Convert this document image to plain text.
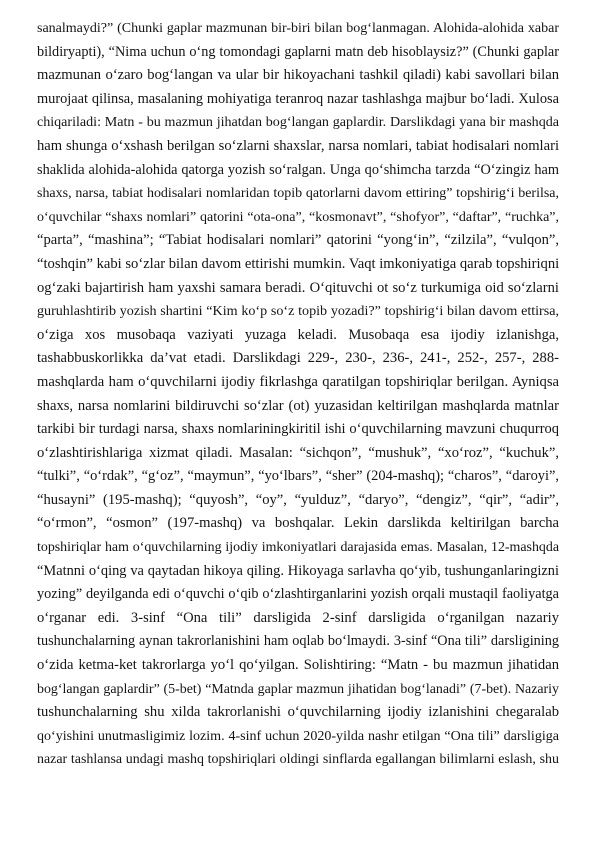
sanalmaydi?” (Chunki gaplar mazmunan bir-biri bilan bog‘lanmagan. Alohida-alohida xabar
bildiryapti), “Nima uchun o‘ng tomondagi gaplarni matn deb hisoblaysiz?” (Chunki gaplar
mazmunan o‘zaro bog‘langan va ular bir hikoyachani tashkil qiladi) kabi savollari bilan
murojaat qilinsa, masalaning mohiyatiga teranroq nazar tashlashga majbur bo‘ladi. Xulosa
chiqariladi: Matn - bu mazmun jihatdan bog‘langan gaplardir. Darslikdagi yana bir mashqda
ham shunga o‘xshash berilgan so‘zlarni shaxslar, narsa nomlari, tabiat hodisalari nomlari
shaklida alohida-alohida qatorga yozish so‘ralgan. Unga qo‘shimcha tarzda “O‘zingiz ham
shaxs, narsa, tabiat hodisalari nomlaridan topib qatorlarni davom ettiring” topshirig‘i berilsa,
o‘quvchilar “shaxs nomlari” qatorini “ota-ona”, “kosmonavt”, “shofyor”, “daftar”, “ruchka”,
“parta”, “mashina”; “Tabiat hodisalari nomlari” qatorini “yong‘in”, “zilzila”, “vulqon”,
“toshqin” kabi so‘zlar bilan davom ettirishi mumkin. Vaqt imkoniyatiga qarab topshiriqni
og‘zaki bajartirish ham yaxshi samara beradi. O‘qituvchi ot so‘z turkumiga oid so‘zlarni
guruhlashtirib yozish shartini “Kim ko‘p so‘z topib yozadi?” topshirig‘i bilan davom ettirsa,
o‘ziga xos musobaqa vaziyati yuzaga keladi. Musobaqa esa ijodiy izlanishga,
tashabbuskorlikka da’vat etadi. Darslikdagi 229-, 230-, 236-, 241-, 252-, 257-, 288-
mashqlarda ham o‘quvchilarni ijodiy fikrlashga qaratilgan topshiriqlar berilgan. Ayniqsa
shaxs, narsa nomlarini bildiruvchi so‘zlar (ot) yuzasidan keltirilgan mashqlarda matnlar
tarkibi bir turdagi narsa, shaxs nomlariningkiritil ishi o‘quvchilarning mavzuni chuqurroq
o‘zlashtirishlariga xizmat qiladi. Masalan: “sichqon”, “mushuk”, “xo‘roz”, “kuchuk”,
“tulki”, “o‘rdak”, “g‘oz”, “maymun”, “yo‘lbars”, “sher” (204-mashq); “charos”, “daroyi”,
“husayni” (195-mashq); “quyosh”, “oy”, “yulduz”, “daryo”, “dengiz”, “qir”, “adir”,
“o‘rmon”, “osmon” (197-mashq) va boshqalar. Lekin darslikda keltirilgan barcha
topshiriqlar ham o‘quvchilarning ijodiy imkoniyatlari darajasida emas. Masalan, 12-mashqda
“Matnni o‘qing va qaytadan hikoya qiling. Hikoyaga sarlavha qo‘yib, tushunganlaringizni
yozing” deyilganda edi o‘quvchi o‘qib o‘zlashtirganlarini yozish orqali mustaqil faoliyatga
o‘rganar edi. 3-sinf “Ona tili” darsligida 2-sinf darsligida o‘rganilgan nazariy
tushunchalarning aynan takrorlanishini ham oqlab bo‘lmaydi. 3-sinf “Ona tili” darsligining
o‘zida ketma-ket takrorlarga yo‘l qo‘yilgan. Solishtiring: “Matn - bu mazmun jihatidan
bog‘langan gaplardir” (5-bet) “Matnda gaplar mazmun jihatidan bog‘lanadi” (7-bet). Nazariy
tushunchalarning shu xilda takrorlanishi o‘quvchilarning ijodiy izlanishini chegaralab
qo‘yishini unutmasligimiz lozim. 4-sinf uchun 2020-yilda nashr etilgan “Ona tili” darsligiga
nazar tashlansa undagi mashq topshiriqlari oldingi sinflarda egallangan bilimlarni eslash, shu
